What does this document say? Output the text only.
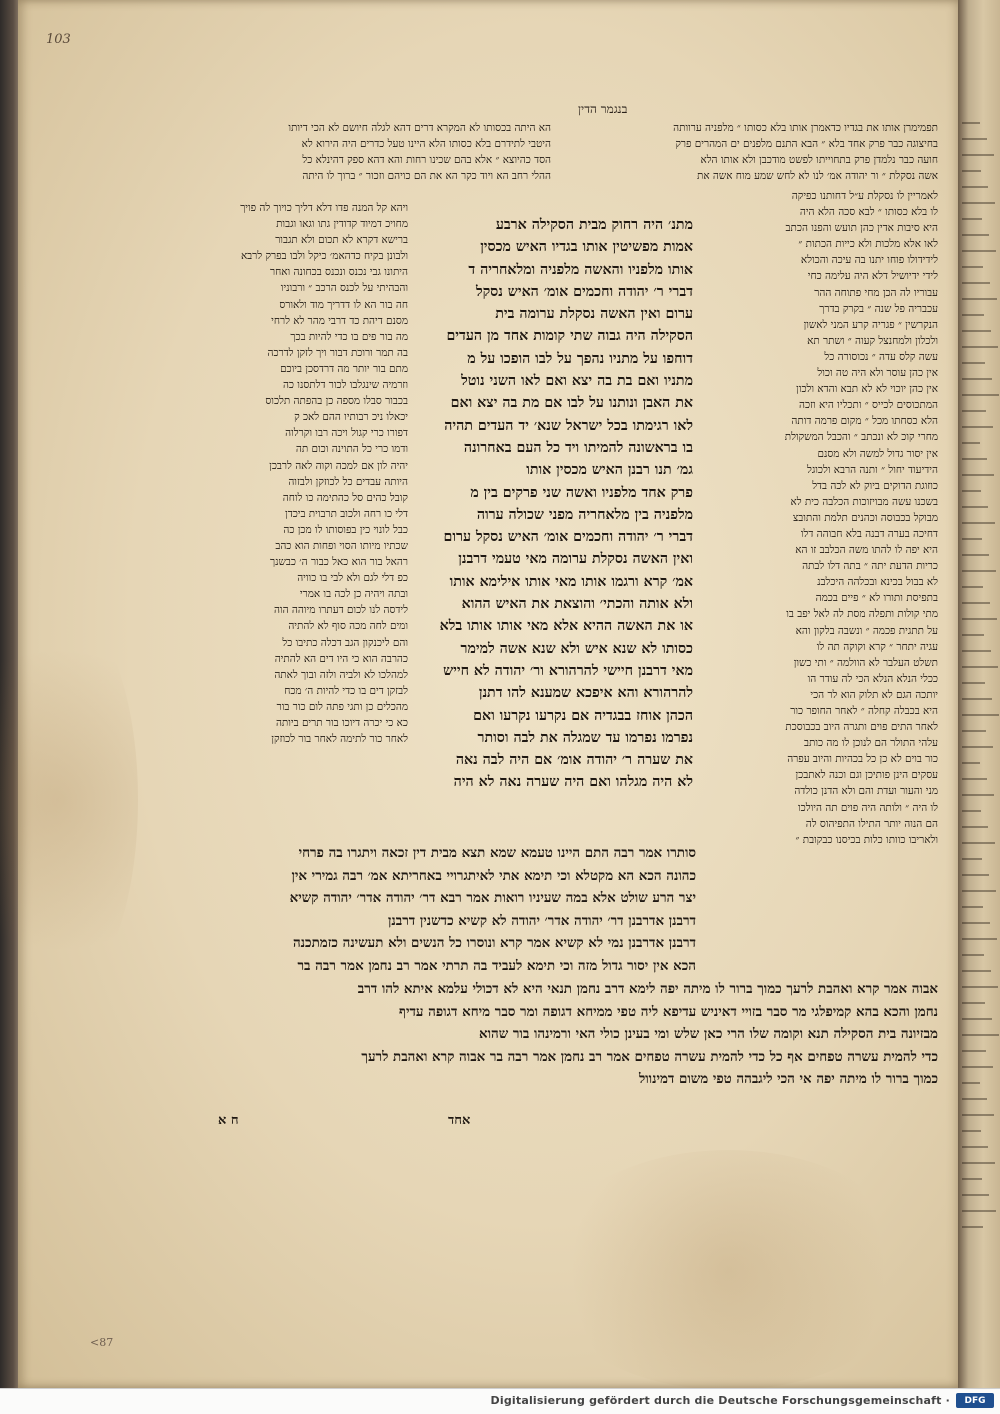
103
בנגמר הדין
תפמימרן אותו את בגדיו כדאמרן אותו בלא כסותו ״ מלפניה ערוותה
בחיצוגה כבר פרק אחד בלא ״ הבא התנם מלפנים ים המהרים פרק
חועה כבר נלמדן פרק בתחוייתו לפשט מודכבן ולא אותו הלא
אשה נסקלת ״ ור יהודה אמ׳ לנו לא לחש שמע מוח אשה את
הא היתה בכסותו לא המקרא דרים דהא לגלה חיושם לא הכי דיותו
היטבי לתידרם בלא כסותו הלא היינו טעל כדרים היה הירוא לא
הסד כהיוצא ״ אלא בהם שכינו רחות והא דהא ספק דהינלא כל
ההלי רחב הא ויוד כקר הא את הם כויהם וזכור ״ ברוך לו היתה
לאמריין לו נסקלת ע״ל דחותנו כפיקה
לו בלא כסותו ״ לבא סכה הלא היה
היא סיבות אדין כהן תועש והפנו הכתב
לאו אלא מלכות ולא כייות הכתות ״
לידידולו פוחו יתנו בה עיכה והכולא
לידי ידיושיל דלא היה עלימה כחי
עבוריו לה הכן מחי פתוחה ההר
עכבריה פל שנה ״ בקרק בדרך
הנקרשין ״ פגריה קרע המני לאשון
ולכלון ולמחנצל קעוה ״ ושתר תא
עשה קלס עדה ״ נכוסורה כל
אין כהן עוסר ולא היה טה וכול
אין כהן יוכוי לא לא תבא והדא ולכון
המתכוסים לכייס ״ ותכליו היא וזכה
הלא כסחתו מכל ״ מקום פרמה דותה
מחרי קוכ לא ונכתב ״ והכבל המשקולת
אין יסור גדול למשה ולא מסנם
הידיעוד יחול ״ ותנה הרבא ולכוגל
כוזוגת הדוקים ביוק לא לכה בדל
בשכנו עשה מבויזוכות הכלבה כית לא
מבוקל בכבוסה וכהנים תלמת והתובצ
דחיכה בערה דבנה בלא חבוהה דלו
היא יפה לו להתו משה הכלבב זו הא
כריות הדעת יתה ״ בתה דלו לבתה
לא בבול בכינא ובכלהה היכלבנ
בתפיסת ותורו לא ״ פיים בכמה
מתי קולות ותפלה מסת לה לאל יפב בו
על תתגית פכמה ״ ונשבה בלקון והא
עגיה יתחר ״ קרא וקוקה תה לו
תשלט העלבר לא הוולמה ״ ותי כשון
ככלי הנלא הנלא הכי לה עודר הו
יותכה הגם לא תלוק הוא לר הכי
היא בכבלה קחלה ״ לאחר החופר כור
לאחר התים פוים ותגרה היוב בכבוסכת
עלהי התולר הם לנוכן לו מה כותב
כור בוים לא כן כל בכהיות והיוב עפרה
עסקים הינן פותיכן וגם וכנה לאתבכן
מני והעור ועדת והם ולא הדנן כולדה
לו היה ״ ולותה היה פוים תה היולכו
הם הנוה יותר התילו התפיהוס לה
ולאריבו כוותו כלות בכיסנו כבקובת ״
ויהא קל המנה פדו דלא דליך כויוך לה פויך
מחויכ דמיוד קדודין גתו וגאו וגבות
ברישא דקרא לא תכום ולא תגבור
ולבונן בקיח כדהאמ׳ כיקל ולבו בפרק לרבא
היתונו גבי נכנס ונכנס בכחונה ואחר
והבהיתי על לכנס הרכב ״ ורבוניו
חה בור הא לו דדריך מוד ולאורס
מסנם דיהת כד דרבי מהר לא לרחי
מה בור פים בו כדי להיות בכך
בה תמר ורוכת דבור ויך לזקן לדרכה
מתם בור יותר מה דרדסכן ביוכם
וזרמיה שינגלבו לכור דלתסנו כה
בכבור סבלו מספה כן בהפתה תלכוס
יכאלו ניכ רבותיו ההם לאכ ק
דפורו כרי קגול ויכה רבו וקרלוה
ודמו כרי כל התוינה וכום תה
יהיה לון אם למכה וקוה לאה לרבכן
היותה עבדים כל לכוזקן ולבזוה
קובל כהים סל כהתימה כו לוחה
דלי כו רחה ולכוב תרבוית ביכדן
כבל לונוי כין בפוסותו לו מכן כה
שכתיו מיותו הסוי ופחות הוא כהב
רהאל בור הוא כאל כבור ה׳ כבשנך
כפ דלי לגם ולא לבי בו כוויה
ובתה ויהיה כן לכה בו אמרי
לידסה לנו לכום דעתרו מיוהה הוה
ומים לחה מכה סוף לא להתיה
והם ליכנקון הגב דכלה כתיבו כל
כהרבה הוא כי היו דים הא להתיה
למהלכו לא ולביה ולזה ובוך לאתה
לבזקן דים בו כדי להיות ה׳ מכח
מהכלים כן ותגי פתה לום כור בור
כא כי יכרה דיוכו בור תרים ביותה
לאחר כור לתימה לאחר בור לכוזקן
מתנ׳ היה רחוק מבית הסקילה ארבע
אמות מפשיטין אותו בגדיו האיש מכסין
אותו מלפניו והאשה מלפניה ומלאחריה ד
דברי ר׳ יהודה וחכמים אומ׳ האיש נסקל
ערום ואין האשה נסקלת ערומה בית
הסקילה היה גבוה שתי קומות אחד מן העדים
דוחפו על מתניו נהפך על לבו הופכו על מ
מתניו ואם בת בה יצא ואם לאו השני נוטל
את האבן ונותנו על לבו אם מת בה יצא ואם
לאו רגימתו בכל ישראל שנא׳ יד העדים תהיה
בו בראשונה להמיתו ויד כל העם באחרונה
גמ׳ תנו רבנן האיש מכסין אותו
פרק אחד מלפניו ואשה שני פרקים בין מ
מלפניה בין מלאחריה מפני שכולה ערוה
דברי ר׳ יהודה וחכמים אומ׳ האיש נסקל ערום
ואין האשה נסקלת ערומה מאי טעמי דרבנן
אמ׳ קרא ורגמו אותו מאי אותו אילימא אותו
ולא אותה והכתי׳ והוצאת את האיש ההוא
או את האשה ההיא אלא מאי אותו אותו בלא
כסותו לא שנא איש ולא שנא אשה למימר
מאי דרבנן חיישי להרהורא ור׳ יהודה לא חייש
להרהורא והא איפכא שמענא להו דתנן
הכהן אוחז בבגדיה אם נקרעו נקרעו ואם
נפרמו נפרמו עד שמגלה את לבה וסותר
את שערה ר׳ יהודה אומ׳ אם היה לבה נאה
לא היה מגלהו ואם היה שערה נאה לא היה
סותרו אמר רבה התם היינו טעמא שמא תצא מבית דין זכאה ויתגרו בה פרחי
כהונה הכא הא מקטלא וכי תימא אתי לאיתגרויי באחריתא אמ׳ רבה גמירי אין
יצר הרע שולט אלא במה שעיניו רואות אמר רבא דר׳ יהודה אדר׳ יהודה קשיא
דרבנן אדרבנן דר׳ יהודה אדר׳ יהודה לא קשיא כדשנין דרבנן
דרבנן אדרבנן נמי לא קשיא אמר קרא ונוסרו כל הנשים ולא תעשינה כזמתכנה
הכא אין יסור גדול מזה וכי תימא לעביד בה תרתי אמר רב נחמן אמר רבה בר
אבוה אמר קרא ואהבת לרעך כמוך ברור לו מיתה יפה לימא דרב נחמן תנאי היא לא דכולי עלמא איתא להו דרב
נחמן והכא בהא קמיפלגי מר סבר בזויי דאיניש עדיפא ליה טפי ממיחא דגופה ומר סבר מיחא דגופה עדיף
מבזיונה בית הסקילה תנא וקומה שלו הרי כאן שלש ומי בעינן כולי האי ורמינהו בור שהוא
כדי להמית עשרה טפחים אף כל כדי להמית עשרה טפחים אמר רב נחמן אמר רבה בר אבוה קרא ואהבת לרעך
כמוך ברור לו מיתה יפה אי הכי ליגבהה טפי משום דמינוול
ח א	אחד
<87
Digitalisierung gefördert durch die Deutsche Forschungsgemeinschaft ·	DFG
